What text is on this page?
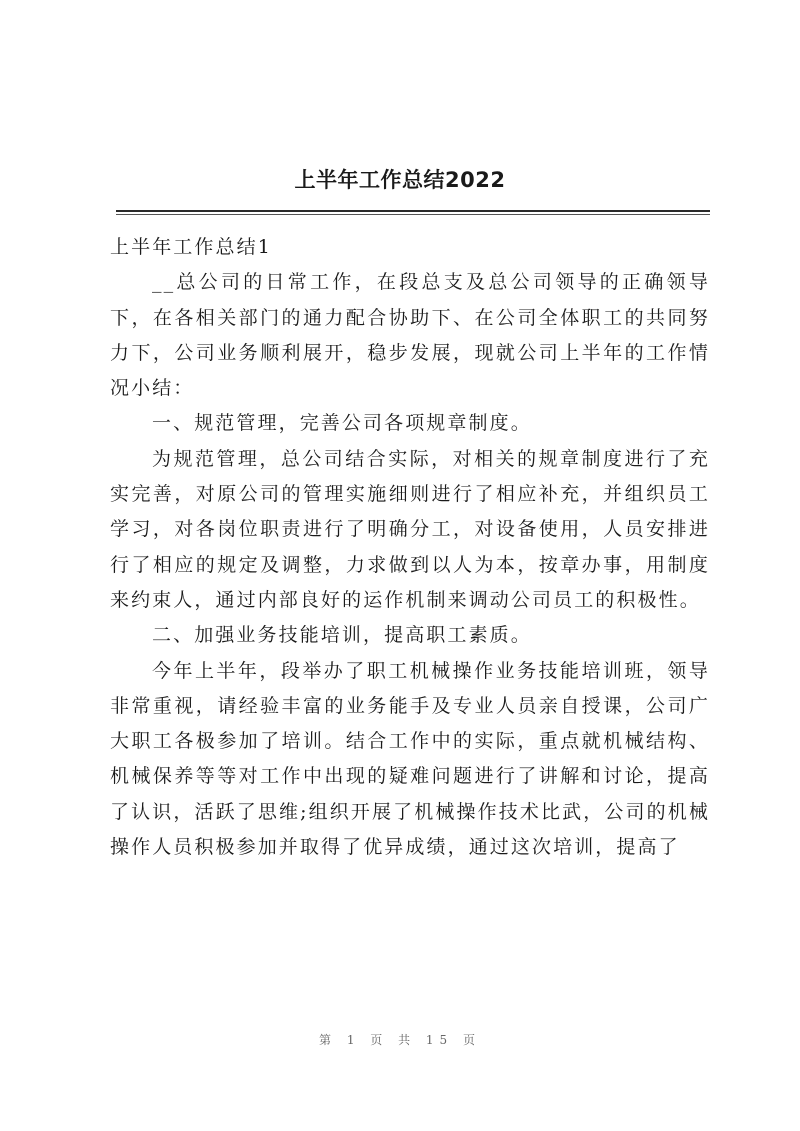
上半年工作总结2022

上半年工作总结1

__总公司的日常工作，在段总支及总公司领导的正确领导下，在各相关部门的通力配合协助下、在公司全体职工的共同努力下，公司业务顺利展开，稳步发展，现就公司上半年的工作情况小结：

一、规范管理，完善公司各项规章制度。

为规范管理，总公司结合实际，对相关的规章制度进行了充实完善，对原公司的管理实施细则进行了相应补充，并组织员工学习，对各岗位职责进行了明确分工，对设备使用，人员安排进行了相应的规定及调整，力求做到以人为本，按章办事，用制度来约束人，通过内部良好的运作机制来调动公司员工的积极性。

二、加强业务技能培训，提高职工素质。

今年上半年，段举办了职工机械操作业务技能培训班，领导非常重视，请经验丰富的业务能手及专业人员亲自授课，公司广大职工各极参加了培训。结合工作中的实际，重点就机械结构、机械保养等等对工作中出现的疑难问题进行了讲解和讨论，提高了认识，活跃了思维;组织开展了机械操作技术比武，公司的机械操作人员积极参加并取得了优异成绩，通过这次培训，提高了

第 1 页 共 15 页
